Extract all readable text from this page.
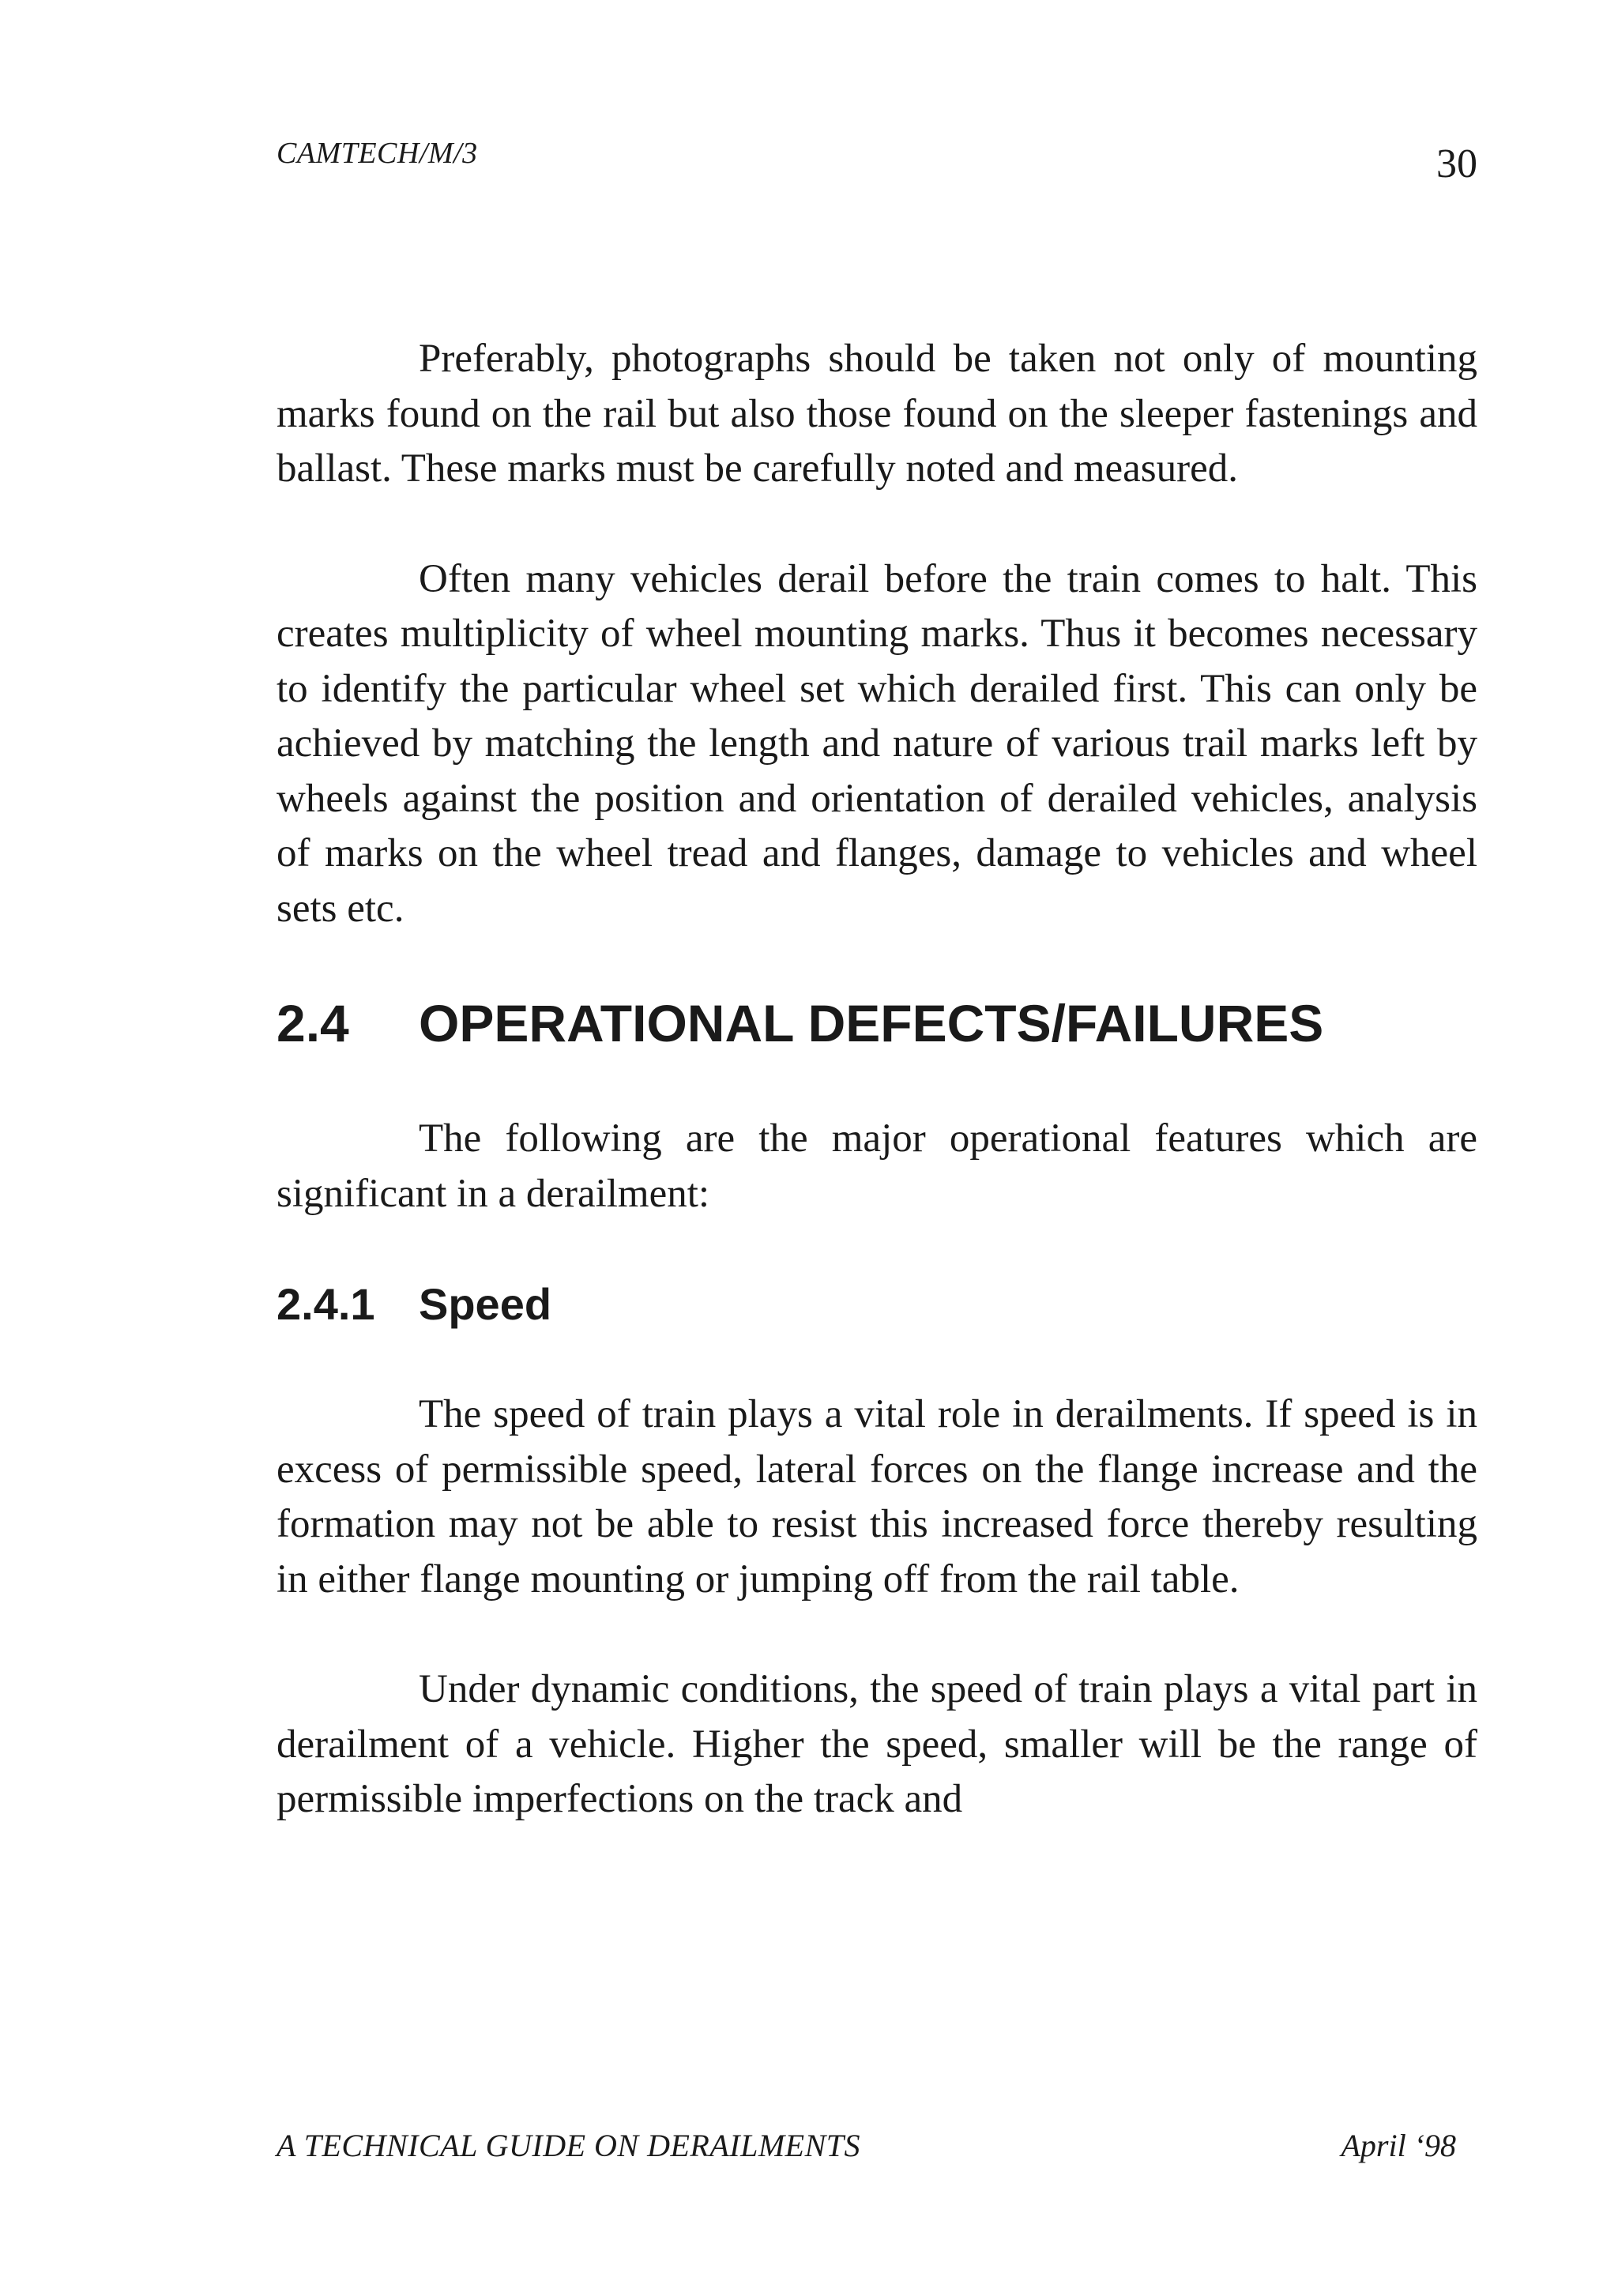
CAMTECH/M/3	30

Preferably, photographs should be taken not only of mounting marks found on the rail but also those found on the sleeper fastenings and ballast. These marks must be carefully noted and measured.

Often many vehicles derail before the train comes to halt. This creates multiplicity of wheel mounting marks. Thus it becomes necessary to identify the particular wheel set which derailed first. This can only be achieved by matching the length and nature of various trail marks left by wheels against the position and orientation of derailed vehicles, analysis of marks on the wheel tread and flanges, damage to vehicles and wheel sets etc.

2.4	OPERATIONAL DEFECTS/FAILURES

The following are the major operational features which are significant in a derailment:

2.4.1 Speed

The speed of train plays a vital role in derailments. If speed is in excess of permissible speed, lateral forces on the flange increase and the formation may not be able to resist this increased force thereby resulting in either flange mounting or jumping off from the rail table.

Under dynamic conditions, the speed of train plays a vital part in derailment of a vehicle. Higher the speed, smaller will be the range of permissible imperfections on the track and

A TECHNICAL GUIDE ON DERAILMENTS	April ‘98
